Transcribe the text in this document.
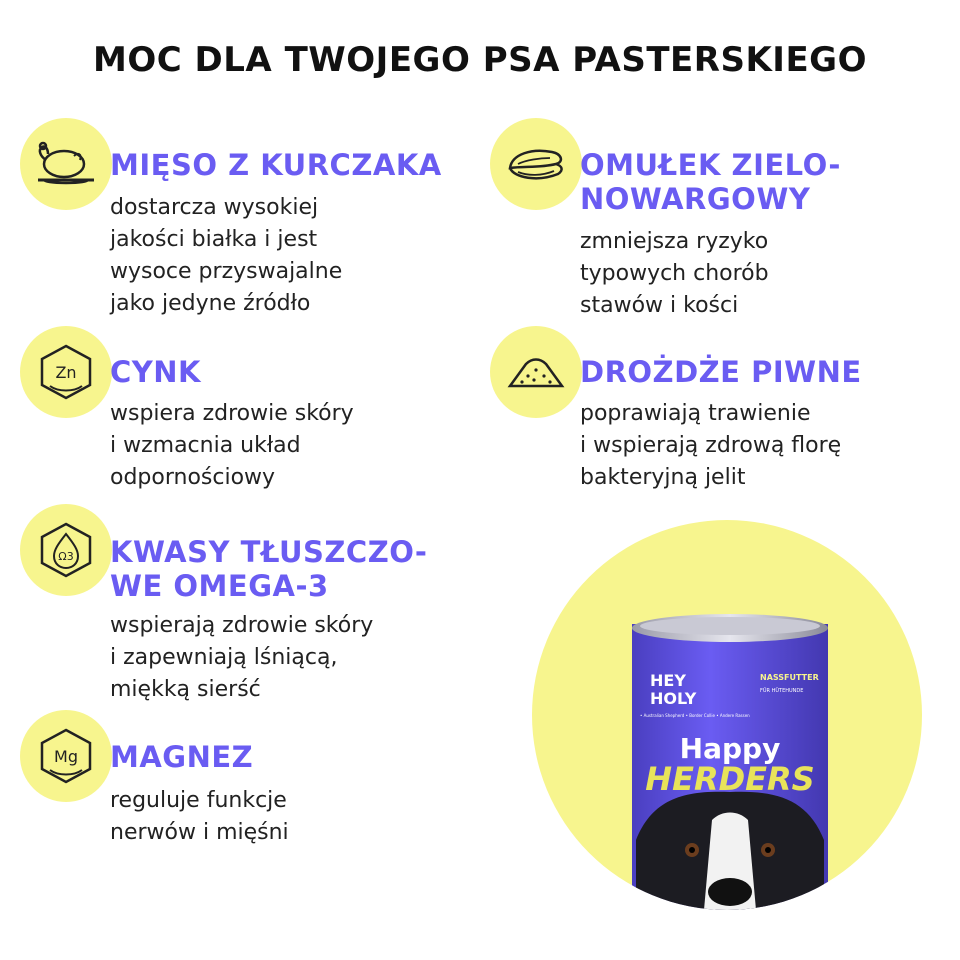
MOC DLA TWOJEGO PSA PASTERSKIEGO
MIĘSO Z KURCZAKA
dostarcza wysokiej
jakości białka i jest
wysoce przyswajalne
jako jedyne źródło
OMUŁEK ZIELO-
NOWARGOWY
zmniejsza ryzyko
typowych chorób
stawów i kości
Zn CYNK
wspiera zdrowie skóry
i wzmacnia układ
odpornościowy
DROŻDŻE PIWNE
poprawiają trawienie
i wspierają zdrową florę
bakteryjną jelit
Ω3 KWASY TŁUSZCZO-
WE OMEGA-3
wspierają zdrowie skóry
i zapewniają lśniącą,
miękką sierść
Mg MAGNEZ
reguluje funkcje
nerwów i mięśni
HEY
HOLY
NASSFUTTER
FÜR HÜTEHUNDE
• Australian Shepherd • Border Collie • Andere Rassen
Happy
HERDERS
